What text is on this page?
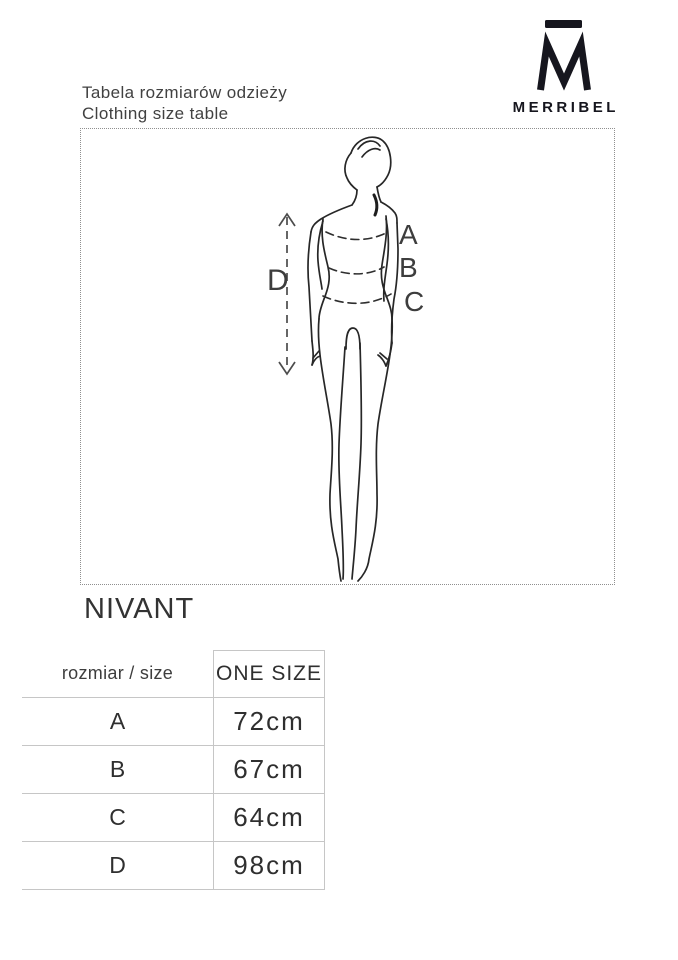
MERRIBEL
Tabela rozmiarów odzieży
Clothing size table
A
B
C
D
NIVANT
rozmiar / size	ONE SIZE
A	72cm
B	67cm
C	64cm
D	98cm
